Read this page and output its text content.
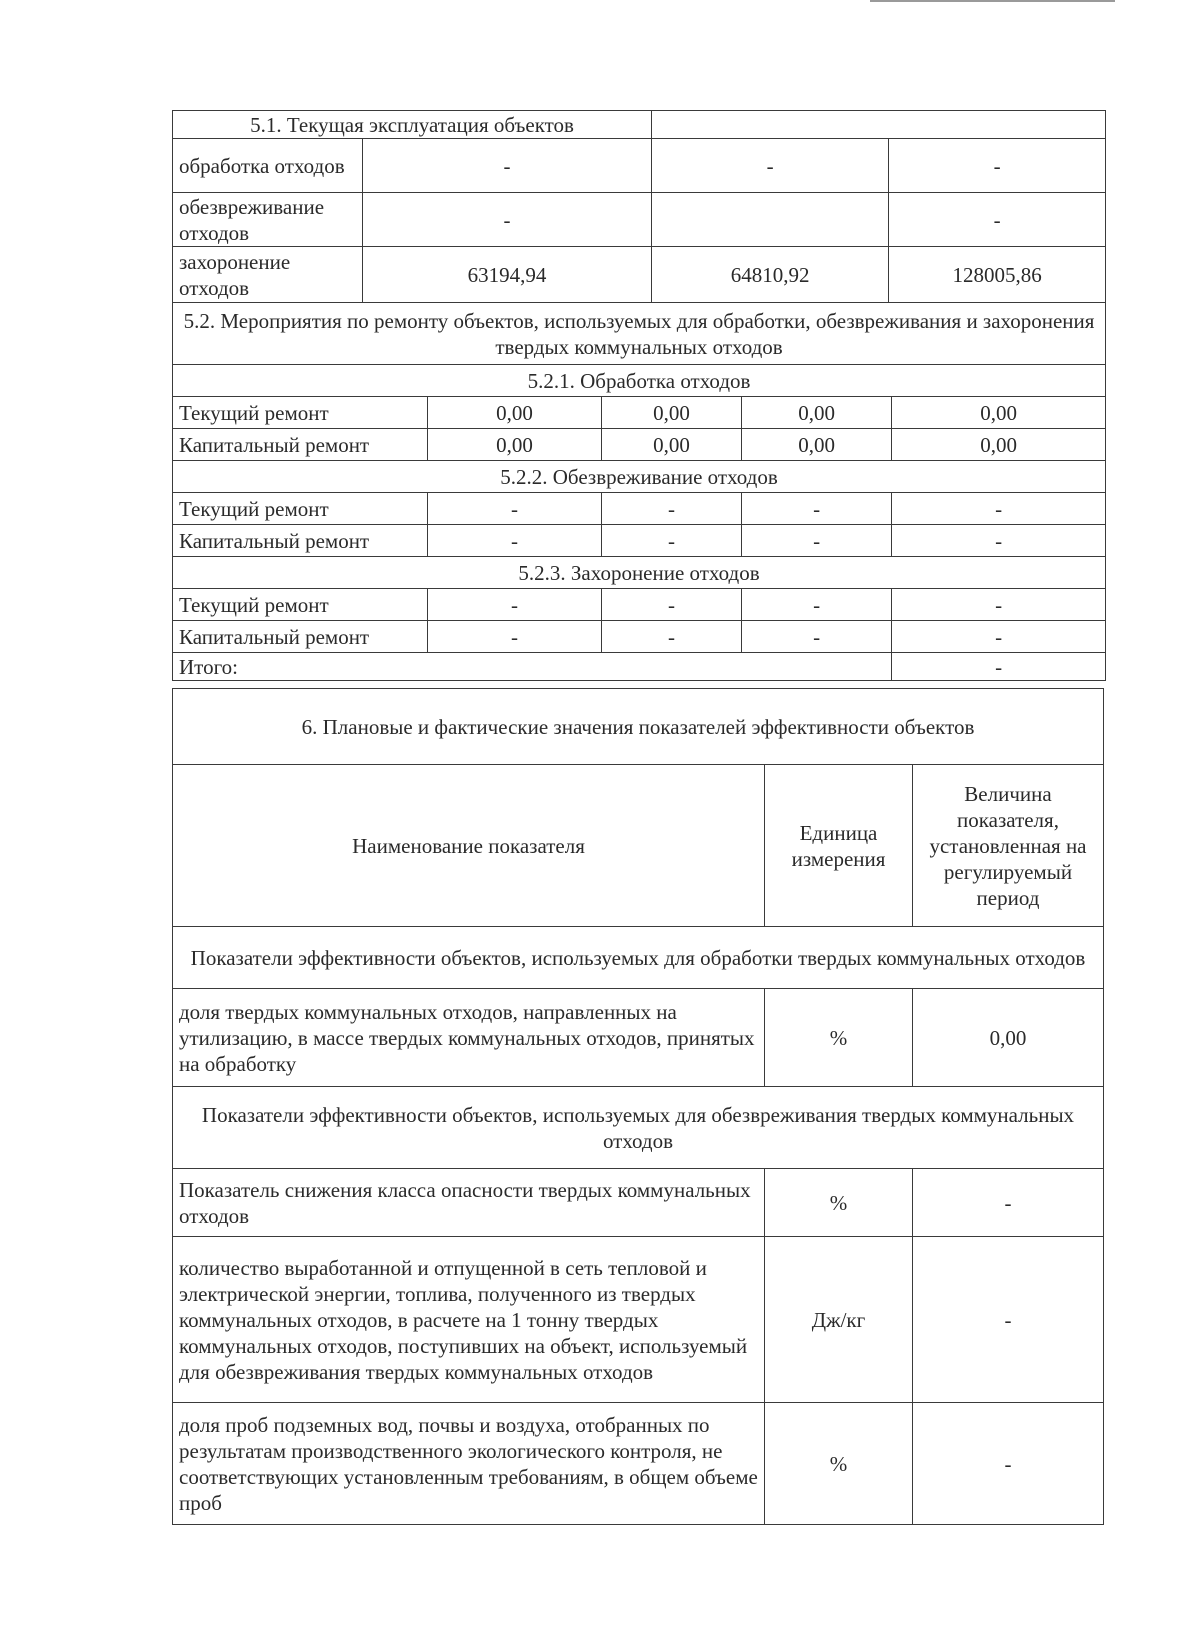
5.1. Текущая эксплуатация объектов							
обработка отходов	-			-		-	
обезвреживание отходов	-					-	
захоронение отходов	63194,94			64810,92		128005,86	
5.2. Мероприятия по ремонту объектов, используемых для обработки, обезвреживания и захоронения твердых коммунальных отходов							
5.2.1. Обработка отходов							
Текущий ремонт		0,00	0,00		0,00		0,00
Капитальный ремонт		0,00	0,00		0,00		0,00
5.2.2. Обезвреживание отходов							
Текущий ремонт		-	-		-		-
Капитальный ремонт		-	-		-		-
5.2.3. Захоронение отходов							
Текущий ремонт		-	-		-		-
Капитальный ремонт		-	-		-		-
Итого:							-
6. Плановые и фактические значения показателей эффективности объектов		
Наименование показателя	Единица измерения	Величина показателя, установленная на регулируемый период
Показатели эффективности объектов, используемых для обработки твердых коммунальных отходов		
доля твердых коммунальных отходов, направленных на утилизацию, в массе твердых коммунальных отходов, принятых на обработку	%	0,00
Показатели эффективности объектов, используемых для обезвреживания твердых коммунальных отходов		
Показатель снижения класса опасности твердых коммунальных отходов	%	-
количество выработанной и отпущенной в сеть тепловой и электрической энергии, топлива, полученного из твердых коммунальных отходов, в расчете на 1 тонну твердых коммунальных отходов, поступивших на объект, используемый для обезвреживания твердых коммунальных отходов	Дж/кг	-
доля проб подземных вод, почвы и воздуха, отобранных по результатам производственного экологического контроля, не соответствующих установленным требованиям, в общем объеме проб	%	-
